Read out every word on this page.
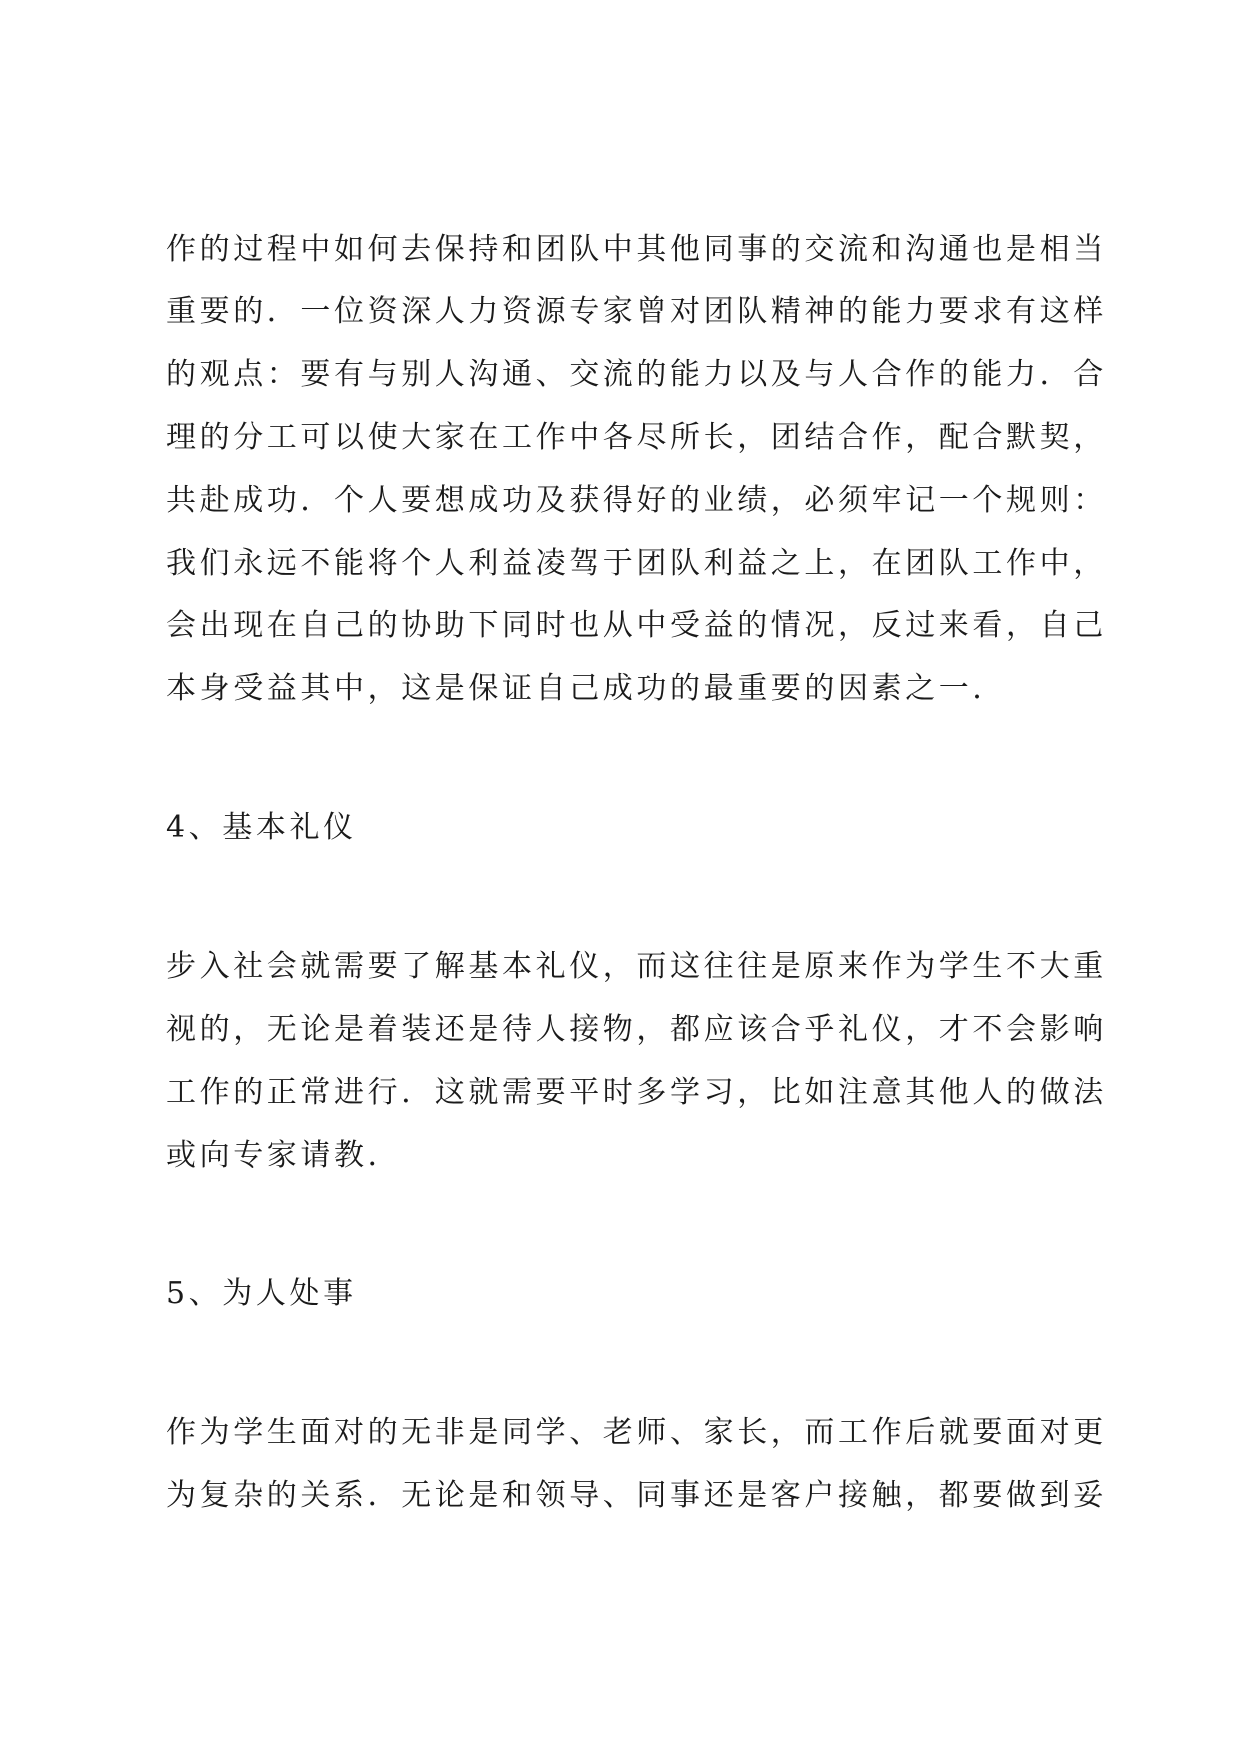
作的过程中如何去保持和团队中其他同事的交流和沟通也是相当
重要的．一位资深人力资源专家曾对团队精神的能力要求有这样
的观点：要有与别人沟通、交流的能力以及与人合作的能力．合
理的分工可以使大家在工作中各尽所长，团结合作，配合默契，
共赴成功．个人要想成功及获得好的业绩，必须牢记一个规则：
我们永远不能将个人利益凌驾于团队利益之上，在团队工作中，
会出现在自己的协助下同时也从中受益的情况，反过来看，自己
本身受益其中，这是保证自己成功的最重要的因素之一．
4、基本礼仪
步入社会就需要了解基本礼仪，而这往往是原来作为学生不大重
视的，无论是着装还是待人接物，都应该合乎礼仪，才不会影响
工作的正常进行．这就需要平时多学习，比如注意其他人的做法
或向专家请教．
5、为人处事
作为学生面对的无非是同学、老师、家长，而工作后就要面对更
为复杂的关系．无论是和领导、同事还是客户接触，都要做到妥
